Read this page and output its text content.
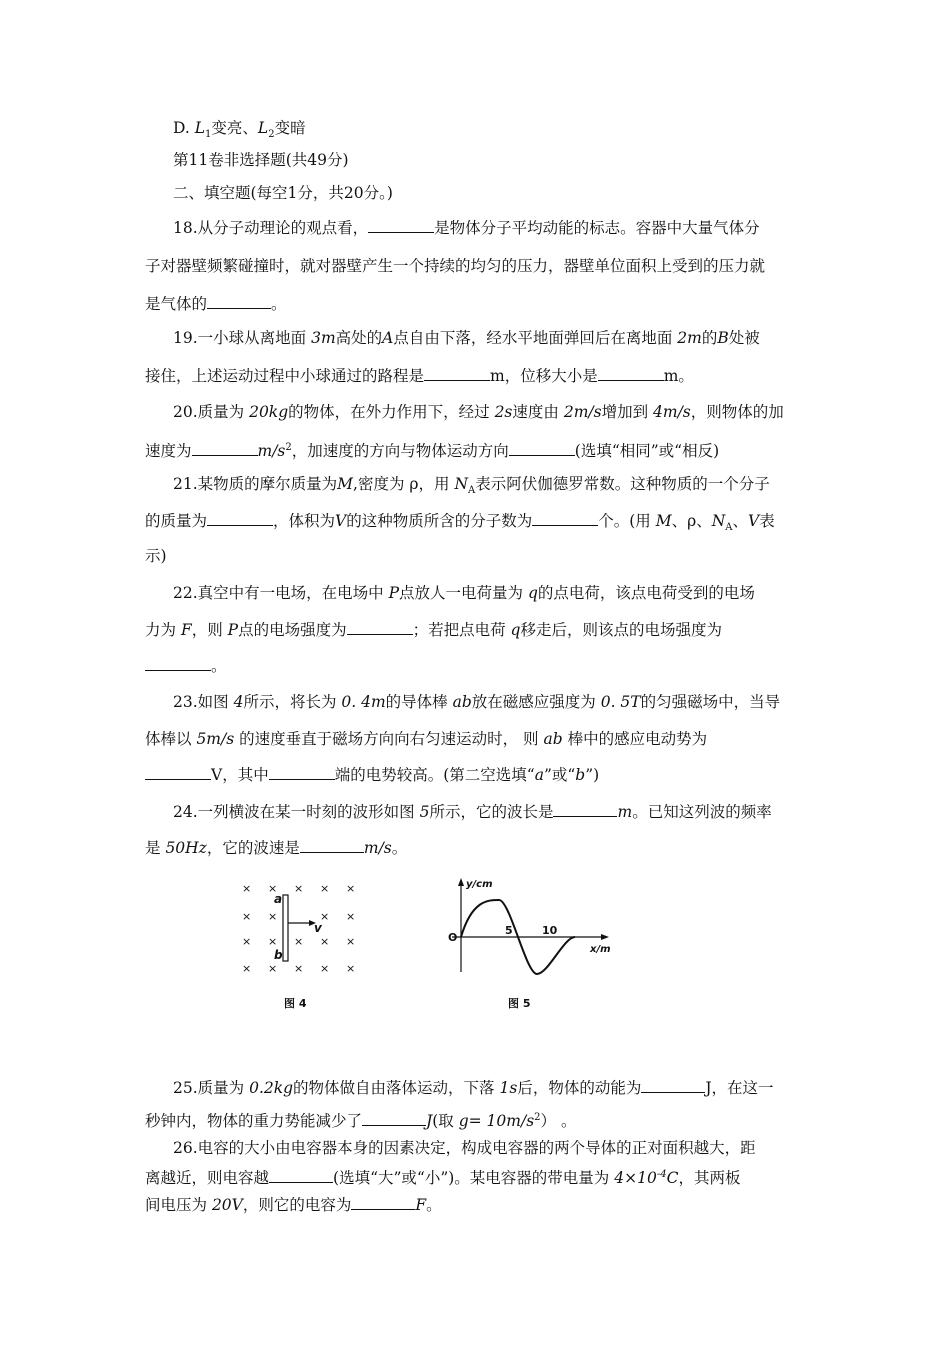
D. $L_1$变亮、$L_2$变暗
第11卷非选择题(共49分)
二、填空题(每空1分，共20分。)
18.从分子动理论的观点看，	是物体分子平均动能的标志。容器中大量气体分
子对器壁频繁碰撞时，就对器壁产生一个持续的均匀的压力，器壁单位面积上受到的压力就
是气体的	。
19.一小球从离地面 3m高处的A点自由下落，经水平地面弹回后在离地面 2m的B处被
接住，上述运动过程中小球通过的路程是	m，位移大小是	m。
20.质量为 20kg的物体，在外力作用下，经过 2s速度由 2m/s增加到 4m/s，则物体的加
速度为	$m/s^2$，加速度的方向与物体运动方向	(选填“相同”或“相反)
21.某物质的摩尔质量为M,密度为 ρ，用 $N_A$表示阿伏伽德罗常数。这种物质的一个分子
的质量为	，体积为V的这种物质所含的分子数为	个。(用 M、ρ、$N_A$、V表
示)
22.真空中有一电场，在电场中 P点放人一电荷量为 q的点电荷，该点电荷受到的电场
力为 F，则 P点的电场强度为	；若把点电荷 q移走后，则该点的电场强度为
。
23.如图 4所示，将长为 0. 4m的导体棒 ab放在磁感应强度为 0. 5T的匀强磁场中，当导
体棒以 5m/s 的速度垂直于磁场方向向右匀速运动时， 则 ab 棒中的感应电动势为
V，其中	端的电势较高。(第二空选填“a”或“b”)
24.一列横波在某一时刻的波形如图 5所示，它的波长是	m。已知这列波的频率
是 50Hz，它的波速是	m/s。
× × × × ×
× ×	× ×
× × × × ×
× × × × ×
a
b
v
图 4
y/cm
O
5	10
x/m
图 5
25.质量为 0.2kg的物体做自由落体运动，下落 1s后，物体的动能为	J，在这一
秒钟内，物体的重力势能减少了	J(取 $g= 10m/s^2$） 。
26.电容的大小由电容器本身的因素决定，构成电容器的两个导体的正对面积越大，距
离越近，则电容越	(选填“大”或“小”)。某电容器的带电量为 $4\times 10^{-4}C$，其两板
间电压为 20V，则它的电容为	F。
